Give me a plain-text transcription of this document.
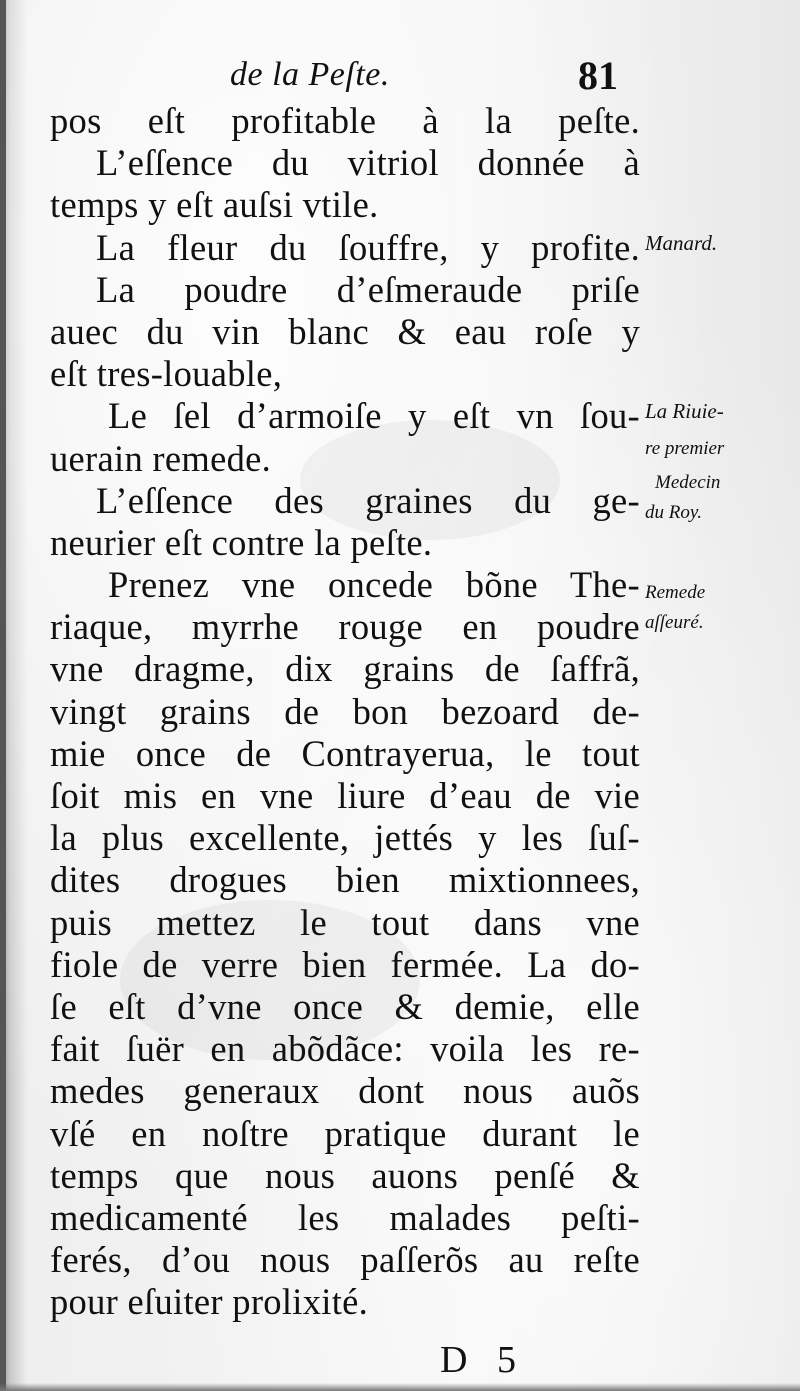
de la Peſte.	81
pos eſt profitable à la peſte.
L’eſſence du vitriol donnée à
temps y eſt auſsi vtile.
La fleur du ſouffre, y profite.
La poudre d’eſmeraude priſe
auec du vin blanc & eau roſe y
eſt tres-louable,
Le ſel d’armoiſe y eſt vn ſou-
uerain remede.
L’eſſence des graines du ge-
neurier eſt contre la peſte.
Prenez vne oncede bõne The-
riaque, myrrhe rouge en poudre
vne dragme, dix grains de ſaffrã,
vingt grains de bon bezoard de-
mie once de Contrayerua, le tout
ſoit mis en vne liure d’eau de vie
la plus excellente, jettés y les ſuſ-
dites drogues bien mixtionnees,
puis mettez le tout dans vne
fiole de verre bien fermée. La do-
ſe eſt d’vne once & demie, elle
fait ſuër en abõdãce: voila les re-
medes generaux dont nous auõs
vſé en noſtre pratique durant le
temps que nous auons penſé &
medicamenté les malades peſti-
ferés, d’ou nous paſſerõs au reſte
pour eſuiter prolixité.
Manard.
La Riuie-
re premier
Medecin
du Roy.
Remede
aſſeuré.
D 5
